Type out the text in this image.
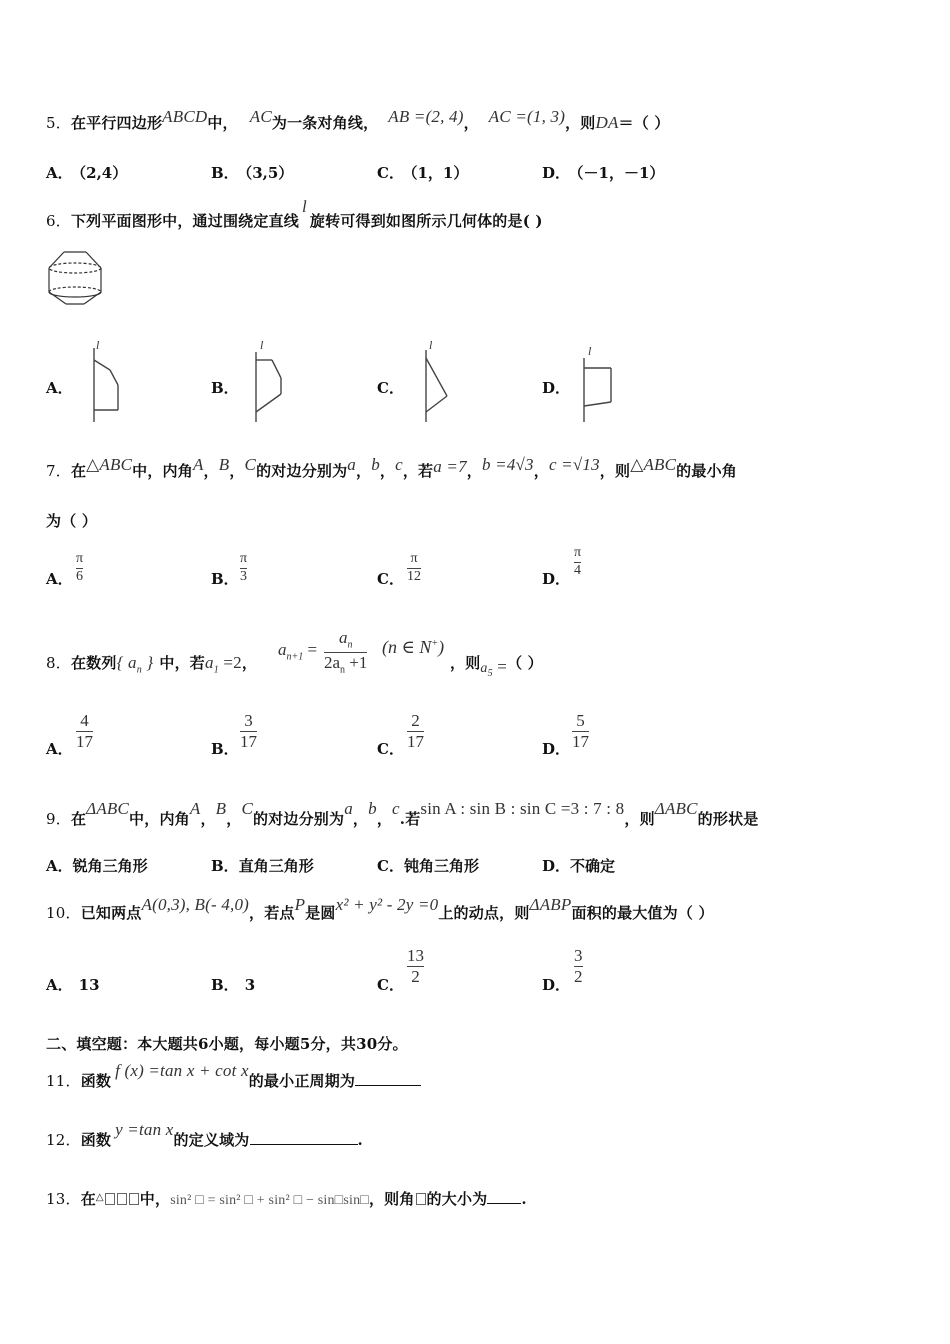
5．在平行四边形ABCD中， AC为一条对角线， AB =(2, 4)， AC =(1, 3)，则DA＝（ ）
A． （2,4）	B． （3,5）	C． （1，1）	D． （－1，－1）
6．下列平面图形中，通过围绕定直线l旋转可得到如图所示几何体的是( )
A．
l
B．
l
C．
l
D．
l
7．在△ABC中，内角A，B，C的对边分别为a，b，c，若a =7，b =4√3，c =√13，则△ABC的最小角
为（ ）
A．
π
6	B．
π
3	C．
π
12	D．
π
4
8．在数列{ $a_n$ } 中，若$a_1 =2$，
$a_{n+1}$ =
$a_n$
$2a_n +1$
(n ∈ N+)
，则$a_5$ =（ ）
A．
4
17	B．
3
17	C．
2
17	D．
5
17
9．在ΔABC中，内角A，B，C的对边分别为a，b，c.若sin A : sin B : sin C =3 : 7 : 8，则ΔABC的形状是
A．锐角三角形	B．直角三角形	C．钝角三角形	D．不确定
10．已知两点A(0,3), B(- 4,0)，若点P是圆x² + y² - 2y =0上的动点，则ΔABP面积的最大值为（ ）
A． 13	B． 3	C．
13
2	D．
3
2
二、填空题：本大题共6小题，每小题5分，共30分。
11．函数f (x) =tan x + cot x的最小正周期为
12．函数y =tan x的定义域为	.
13．在△ 中，sin² □ = sin² □ + sin² □ − sin□sin□，则角 的大小为 .
